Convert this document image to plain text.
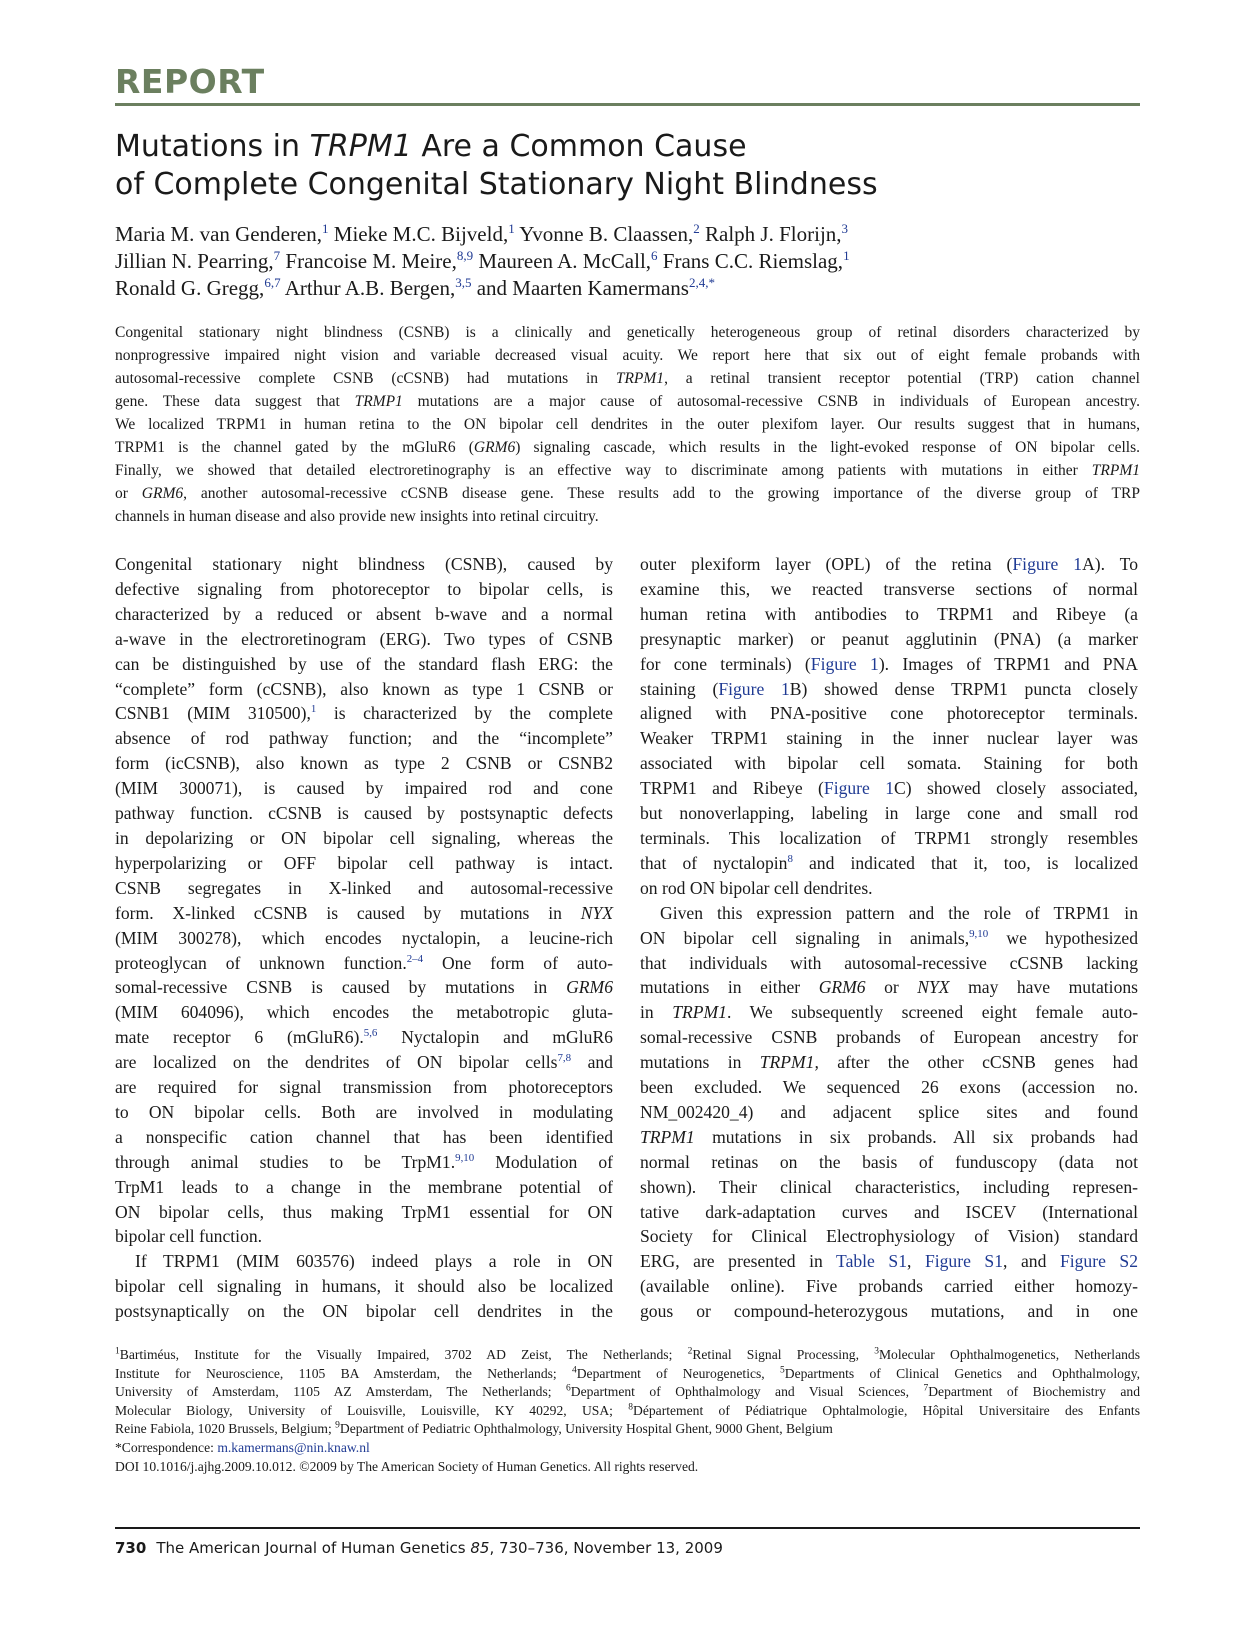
REPORT
Mutations in TRPM1 Are a Common Cause
of Complete Congenital Stationary Night Blindness
Maria M. van Genderen,$^1$ Mieke M.C. Bijveld,$^1$ Yvonne B. Claassen,$^2$ Ralph J. Florijn,$^3$
Jillian N. Pearring,$^7$ Francoise M. Meire,$^{8,9}$ Maureen A. McCall,$^6$ Frans C.C. Riemslag,$^1$
Ronald G. Gregg,$^{6,7}$ Arthur A.B. Bergen,$^{3,5}$ and Maarten Kamermans$^{2,4,*}$
Congenital stationary night blindness (CSNB) is a clinically and genetically heterogeneous group of retinal disorders characterized by
nonprogressive impaired night vision and variable decreased visual acuity. We report here that six out of eight female probands with
autosomal-recessive complete CSNB (cCSNB) had mutations in TRPM1, a retinal transient receptor potential (TRP) cation channel
gene. These data suggest that TRMP1 mutations are a major cause of autosomal-recessive CSNB in individuals of European ancestry.
We localized TRPM1 in human retina to the ON bipolar cell dendrites in the outer plexifom layer. Our results suggest that in humans,
TRPM1 is the channel gated by the mGluR6 (GRM6) signaling cascade, which results in the light-evoked response of ON bipolar cells.
Finally, we showed that detailed electroretinography is an effective way to discriminate among patients with mutations in either TRPM1
or GRM6, another autosomal-recessive cCSNB disease gene. These results add to the growing importance of the diverse group of TRP
channels in human disease and also provide new insights into retinal circuitry.
Congenital stationary night blindness (CSNB), caused by
defective signaling from photoreceptor to bipolar cells, is
characterized by a reduced or absent b-wave and a normal
a-wave in the electroretinogram (ERG). Two types of CSNB
can be distinguished by use of the standard flash ERG: the
“complete” form (cCSNB), also known as type 1 CSNB or
CSNB1 (MIM 310500),$^1$ is characterized by the complete
absence of rod pathway function; and the “incomplete”
form (icCSNB), also known as type 2 CSNB or CSNB2
(MIM 300071), is caused by impaired rod and cone
pathway function. cCSNB is caused by postsynaptic defects
in depolarizing or ON bipolar cell signaling, whereas the
hyperpolarizing or OFF bipolar cell pathway is intact.
CSNB segregates in X-linked and autosomal-recessive
form. X-linked cCSNB is caused by mutations in NYX
(MIM 300278), which encodes nyctalopin, a leucine-rich
proteoglycan of unknown function.$^{2-4}$ One form of auto-
somal-recessive CSNB is caused by mutations in GRM6
(MIM 604096), which encodes the metabotropic gluta-
mate receptor 6 (mGluR6).$^{5,6}$ Nyctalopin and mGluR6
are localized on the dendrites of ON bipolar cells$^{7,8}$ and
are required for signal transmission from photoreceptors
to ON bipolar cells. Both are involved in modulating
a nonspecific cation channel that has been identified
through animal studies to be TrpM1.$^{9,10}$ Modulation of
TrpM1 leads to a change in the membrane potential of
ON bipolar cells, thus making TrpM1 essential for ON
bipolar cell function.
If TRPM1 (MIM 603576) indeed plays a role in ON
bipolar cell signaling in humans, it should also be localized
postsynaptically on the ON bipolar cell dendrites in the
outer plexiform layer (OPL) of the retina (Figure 1A). To
examine this, we reacted transverse sections of normal
human retina with antibodies to TRPM1 and Ribeye (a
presynaptic marker) or peanut agglutinin (PNA) (a marker
for cone terminals) (Figure 1). Images of TRPM1 and PNA
staining (Figure 1B) showed dense TRPM1 puncta closely
aligned with PNA-positive cone photoreceptor terminals.
Weaker TRPM1 staining in the inner nuclear layer was
associated with bipolar cell somata. Staining for both
TRPM1 and Ribeye (Figure 1C) showed closely associated,
but nonoverlapping, labeling in large cone and small rod
terminals. This localization of TRPM1 strongly resembles
that of nyctalopin$^8$ and indicated that it, too, is localized
on rod ON bipolar cell dendrites.
Given this expression pattern and the role of TRPM1 in
ON bipolar cell signaling in animals,$^{9,10}$ we hypothesized
that individuals with autosomal-recessive cCSNB lacking
mutations in either GRM6 or NYX may have mutations
in TRPM1. We subsequently screened eight female auto-
somal-recessive CSNB probands of European ancestry for
mutations in TRPM1, after the other cCSNB genes had
been excluded. We sequenced 26 exons (accession no.
NM_002420_4) and adjacent splice sites and found
TRPM1 mutations in six probands. All six probands had
normal retinas on the basis of funduscopy (data not
shown). Their clinical characteristics, including represen-
tative dark-adaptation curves and ISCEV (International
Society for Clinical Electrophysiology of Vision) standard
ERG, are presented in Table S1, Figure S1, and Figure S2
(available online). Five probands carried either homozy-
gous or compound-heterozygous mutations, and in one
$^1$Bartiméus, Institute for the Visually Impaired, 3702 AD Zeist, The Netherlands; $^2$Retinal Signal Processing, $^3$Molecular Ophthalmogenetics, Netherlands
Institute for Neuroscience, 1105 BA Amsterdam, the Netherlands; $^4$Department of Neurogenetics, $^5$Departments of Clinical Genetics and Ophthalmology,
University of Amsterdam, 1105 AZ Amsterdam, The Netherlands; $^6$Department of Ophthalmology and Visual Sciences, $^7$Department of Biochemistry and
Molecular Biology, University of Louisville, Louisville, KY 40292, USA; $^8$Département of Pédiatrique Ophtalmologie, Hôpital Universitaire des Enfants
Reine Fabiola, 1020 Brussels, Belgium; $^9$Department of Pediatric Ophthalmology, University Hospital Ghent, 9000 Ghent, Belgium
*Correspondence: m.kamermans@nin.knaw.nl
DOI 10.1016/j.ajhg.2009.10.012. ©2009 by The American Society of Human Genetics. All rights reserved.
730 The American Journal of Human Genetics 85, 730–736, November 13, 2009
